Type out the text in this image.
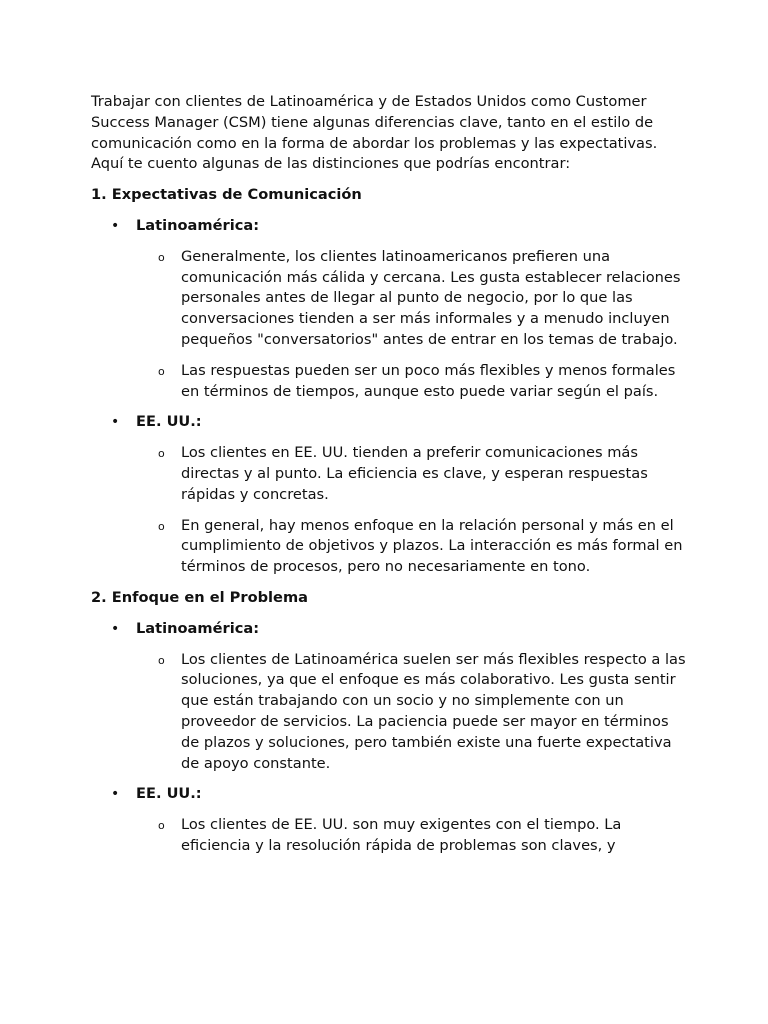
Trabajar con clientes de Latinoamérica y de Estados Unidos como Customer Success Manager (CSM) tiene algunas diferencias clave, tanto en el estilo de comunicación como en la forma de abordar los problemas y las expectativas. Aquí te cuento algunas de las distinciones que podrías encontrar:

1. Expectativas de Comunicación
• Latinoamérica:
o Generalmente, los clientes latinoamericanos prefieren una comunicación más cálida y cercana. Les gusta establecer relaciones personales antes de llegar al punto de negocio, por lo que las conversaciones tienden a ser más informales y a menudo incluyen pequeños "conversatorios" antes de entrar en los temas de trabajo.
o Las respuestas pueden ser un poco más flexibles y menos formales en términos de tiempos, aunque esto puede variar según el país.
• EE. UU.:
o Los clientes en EE. UU. tienden a preferir comunicaciones más directas y al punto. La eficiencia es clave, y esperan respuestas rápidas y concretas.
o En general, hay menos enfoque en la relación personal y más en el cumplimiento de objetivos y plazos. La interacción es más formal en términos de procesos, pero no necesariamente en tono.
2. Enfoque en el Problema
• Latinoamérica:
o Los clientes de Latinoamérica suelen ser más flexibles respecto a las soluciones, ya que el enfoque es más colaborativo. Les gusta sentir que están trabajando con un socio y no simplemente con un proveedor de servicios. La paciencia puede ser mayor en términos de plazos y soluciones, pero también existe una fuerte expectativa de apoyo constante.
• EE. UU.:
o Los clientes de EE. UU. son muy exigentes con el tiempo. La eficiencia y la resolución rápida de problemas son claves, y
